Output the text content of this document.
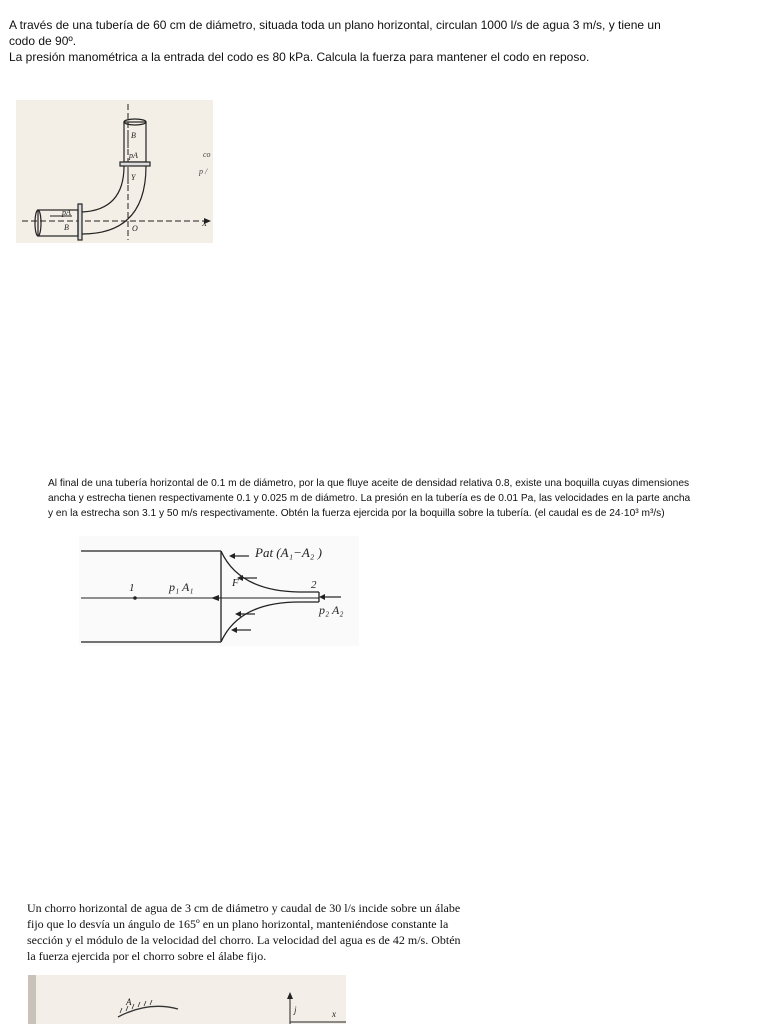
A través de una tubería de 60 cm de diámetro, situada toda un plano horizontal, circulan 1000 l/s de agua 3 m/s, y tiene un
codo de 90º.
La presión manométrica a la entrada del codo es 80 kPa. Calcula la fuerza para mantener el codo en reposo.
B
pA
Y
pA
B	O
X
co
p /
Al final de una tubería horizontal de 0.1 m de diámetro, por la que fluye aceite de densidad relativa 0.8, existe una boquilla cuyas dimensiones
ancha y estrecha tienen respectivamente 0.1 y 0.025 m de diámetro. La presión en la tubería es de 0.01 Pa, las velocidades en la parte ancha
y en la estrecha son 3.1 y 50 m/s respectivamente. Obtén la fuerza ejercida por la boquilla sobre la tubería. (el caudal es de 24·10³ m³/s)
1	p₁ A₁	F	2
Pat (A₁−A₂ )
p₂ A₂
Un chorro horizontal de agua de 3 cm de diámetro y caudal de 30 l/s incide sobre un álabe
fijo que lo desvía un ángulo de 165º en un plano horizontal, manteniéndose constante la
sección y el módulo de la velocidad del chorro. La velocidad del agua es de 42 m/s. Obtén
la fuerza ejercida por el chorro sobre el álabe fijo.
A
j	x
